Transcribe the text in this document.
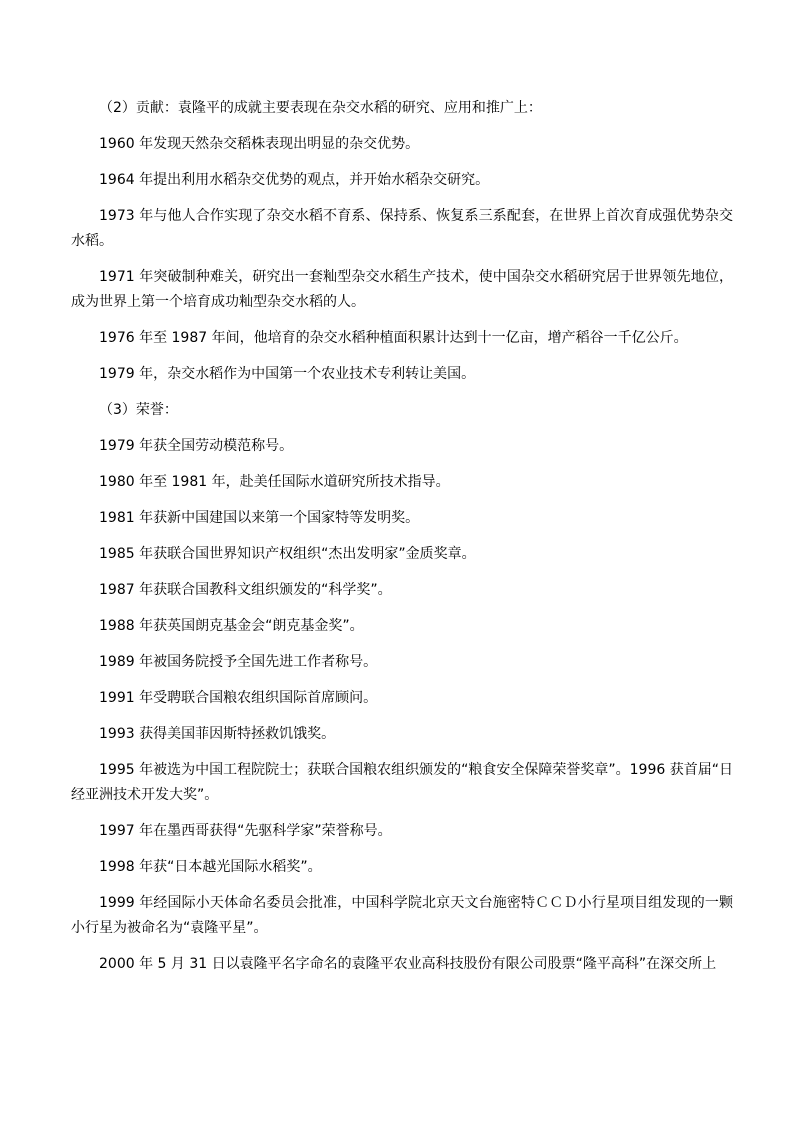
（2）贡献：袁隆平的成就主要表现在杂交水稻的研究、应用和推广上：

1960 年发现天然杂交稻株表现出明显的杂交优势。

1964 年提出利用水稻杂交优势的观点，并开始水稻杂交研究。

1973 年与他人合作实现了杂交水稻不育系、保持系、恢复系三系配套，在世界上首次育成强优势杂交水稻。

1971 年突破制种难关，研究出一套籼型杂交水稻生产技术，使中国杂交水稻研究居于世界领先地位，成为世界上第一个培育成功籼型杂交水稻的人。

1976 年至 1987 年间，他培育的杂交水稻种植面积累计达到十一亿亩，增产稻谷一千亿公斤。

1979 年，杂交水稻作为中国第一个农业技术专利转让美国。

（3）荣誉：

1979 年获全国劳动模范称号。

1980 年至 1981 年，赴美任国际水道研究所技术指导。

1981 年获新中国建国以来第一个国家特等发明奖。

1985 年获联合国世界知识产权组织“杰出发明家”金质奖章。

1987 年获联合国教科文组织颁发的“科学奖”。

1988 年获英国朗克基金会“朗克基金奖”。

1989 年被国务院授予全国先进工作者称号。

1991 年受聘联合国粮农组织国际首席顾问。

1993 获得美国菲因斯特拯救饥饿奖。

1995 年被选为中国工程院院士；获联合国粮农组织颁发的“粮食安全保障荣誉奖章”。1996 获首届“日经亚洲技术开发大奖”。

1997 年在墨西哥获得“先驱科学家”荣誉称号。

1998 年获“日本越光国际水稻奖”。

1999 年经国际小天体命名委员会批准，中国科学院北京天文台施密特ＣＣＤ小行星项目组发现的一颗小行星为被命名为“袁隆平星”。

2000 年 5 月 31 日以袁隆平名字命名的袁隆平农业高科技股份有限公司股票“隆平高科”在深交所上
